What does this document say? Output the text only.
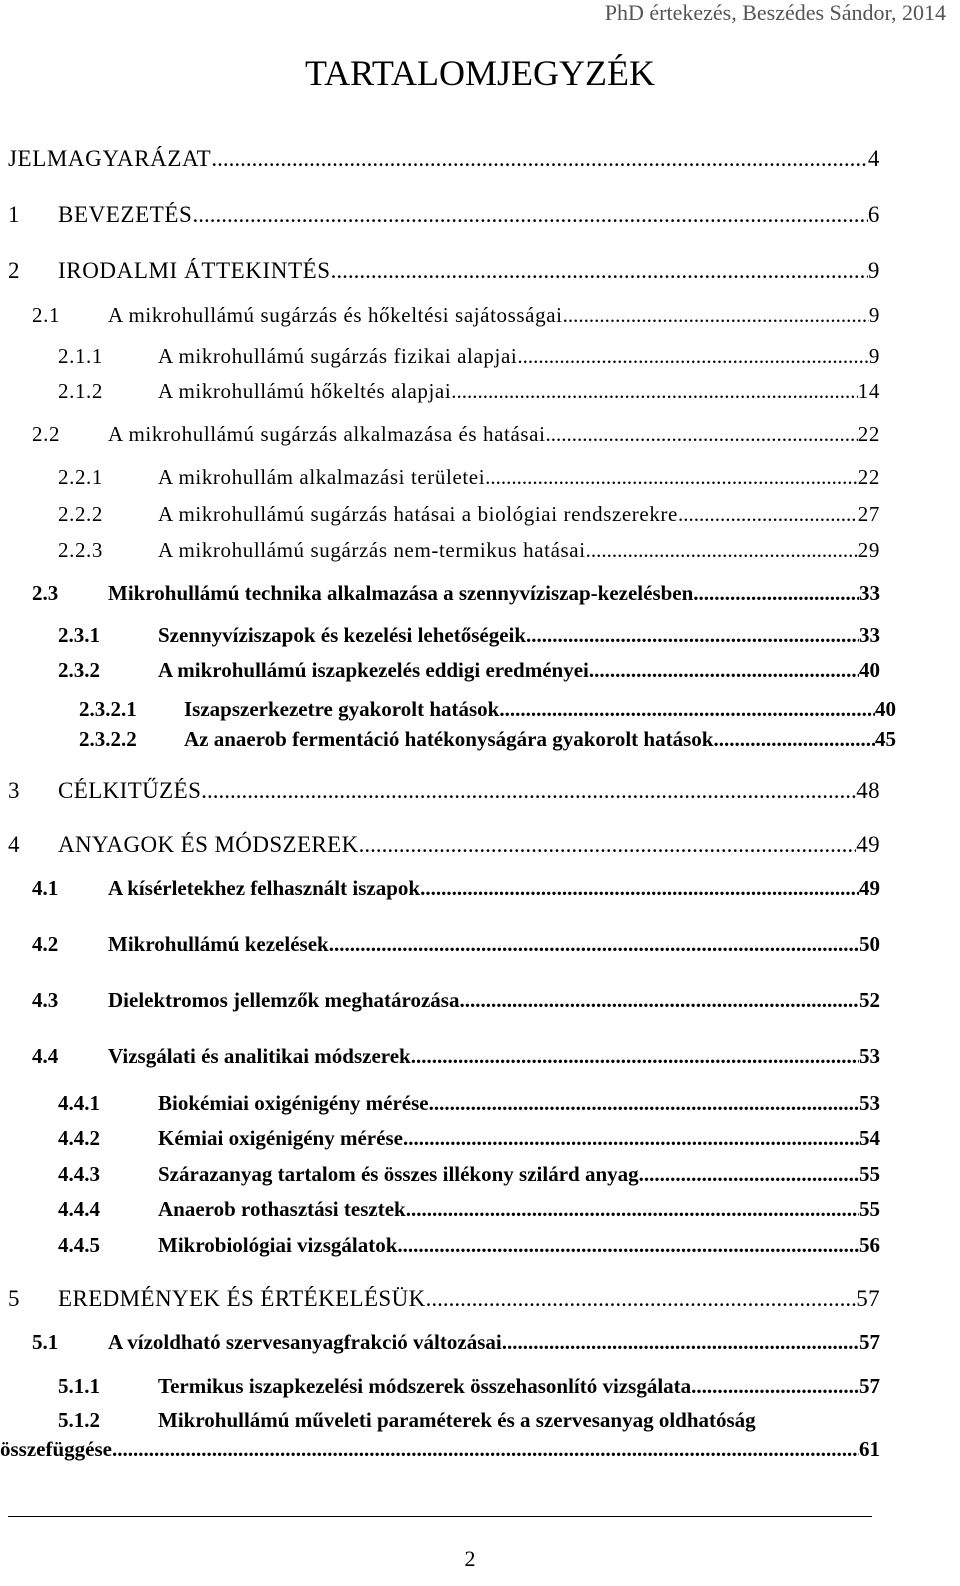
PhD értekezés, Beszédes Sándor, 2014
TARTALOMJEGYZÉK
JELMAGYARÁZAT .....	4
1	BEVEZETÉS .....	6
2	IRODALMI ÁTTEKINTÉS .....	9
2.1	A mikrohullámú sugárzás és hőkeltési sajátosságai .....	9
2.1.1	A mikrohullámú sugárzás fizikai alapjai .....	9
2.1.2	A mikrohullámú hőkeltés alapjai .....	14
2.2	A mikrohullámú sugárzás alkalmazása és hatásai .....	22
2.2.1	A mikrohullám alkalmazási területei .....	22
2.2.2	A mikrohullámú sugárzás hatásai a biológiai rendszerekre .....	27
2.2.3	A mikrohullámú sugárzás nem-termikus hatásai .....	29
2.3	Mikrohullámú technika alkalmazása a szennyvíziszap-kezelésben .....	33
2.3.1	Szennyvíziszapok és kezelési lehetőségeik .....	33
2.3.2	A mikrohullámú iszapkezelés eddigi eredményei .....	40
2.3.2.1	Iszapszerkezetre gyakorolt hatások .....	40
2.3.2.2	Az anaerob fermentáció hatékonyságára gyakorolt hatások .....	45
3	CÉLKITŰZÉS .....	48
4	ANYAGOK ÉS MÓDSZEREK .....	49
4.1	A kísérletekhez felhasznált iszapok .....	49
4.2	Mikrohullámú kezelések .....	50
4.3	Dielektromos jellemzők meghatározása .....	52
4.4	Vizsgálati és analitikai módszerek .....	53
4.4.1	Biokémiai oxigénigény mérése .....	53
4.4.2	Kémiai oxigénigény mérése .....	54
4.4.3	Szárazanyag tartalom és összes illékony szilárd anyag .....	55
4.4.4	Anaerob rothasztási tesztek .....	55
4.4.5	Mikrobiológiai vizsgálatok .....	56
5	EREDMÉNYEK ÉS ÉRTÉKELÉSÜK .....	57
5.1	A vízoldható szervesanyagfrakció változásai .....	57
5.1.1	Termikus iszapkezelési módszerek összehasonlító vizsgálata .....	57
5.1.2	Mikrohullámú műveleti paraméterek és a szervesanyag oldhatóság
összefüggése .....	61
2
